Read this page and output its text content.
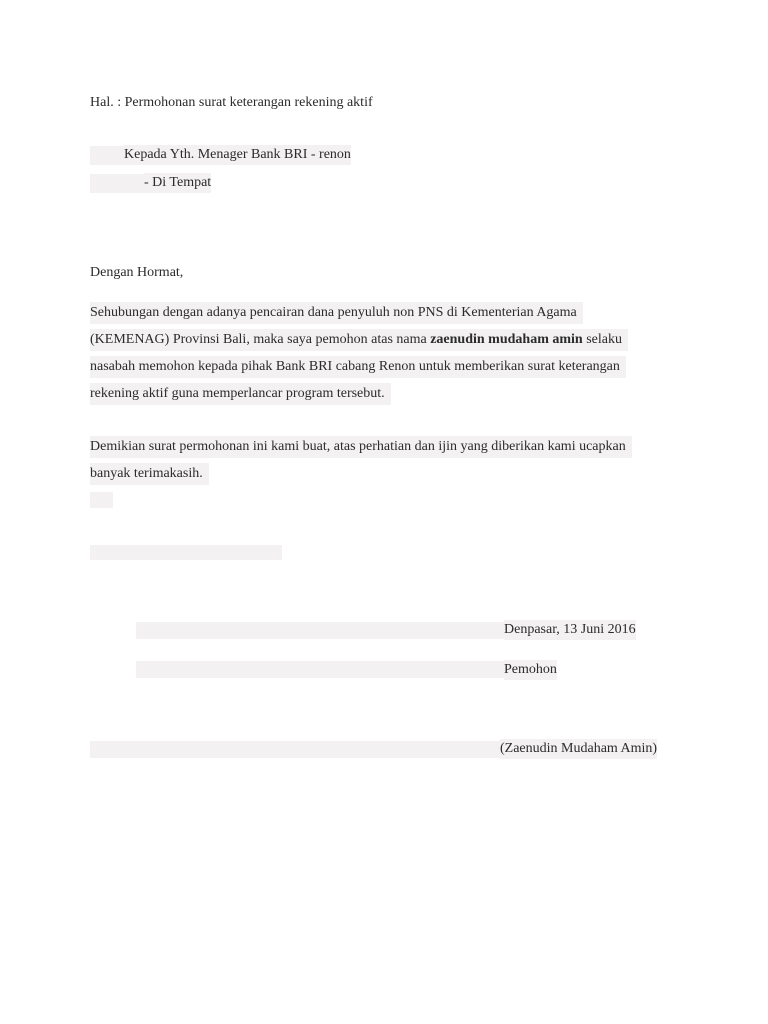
Hal. : Permohonan surat keterangan rekening aktif
Kepada Yth. Menager Bank BRI - renon
- Di Tempat
Dengan Hormat,
Sehubungan dengan adanya pencairan dana penyuluh non PNS di Kementerian Agama
(KEMENAG) Provinsi Bali, maka saya pemohon atas nama zaenudin mudaham amin selaku
nasabah memohon kepada pihak Bank BRI cabang Renon untuk memberikan surat keterangan
rekening aktif guna memperlancar program tersebut.
Demikian surat permohonan ini kami buat, atas perhatian dan ijin yang diberikan kami ucapkan
banyak terimakasih.
Denpasar, 13 Juni 2016
Pemohon
(Zaenudin Mudaham Amin)
